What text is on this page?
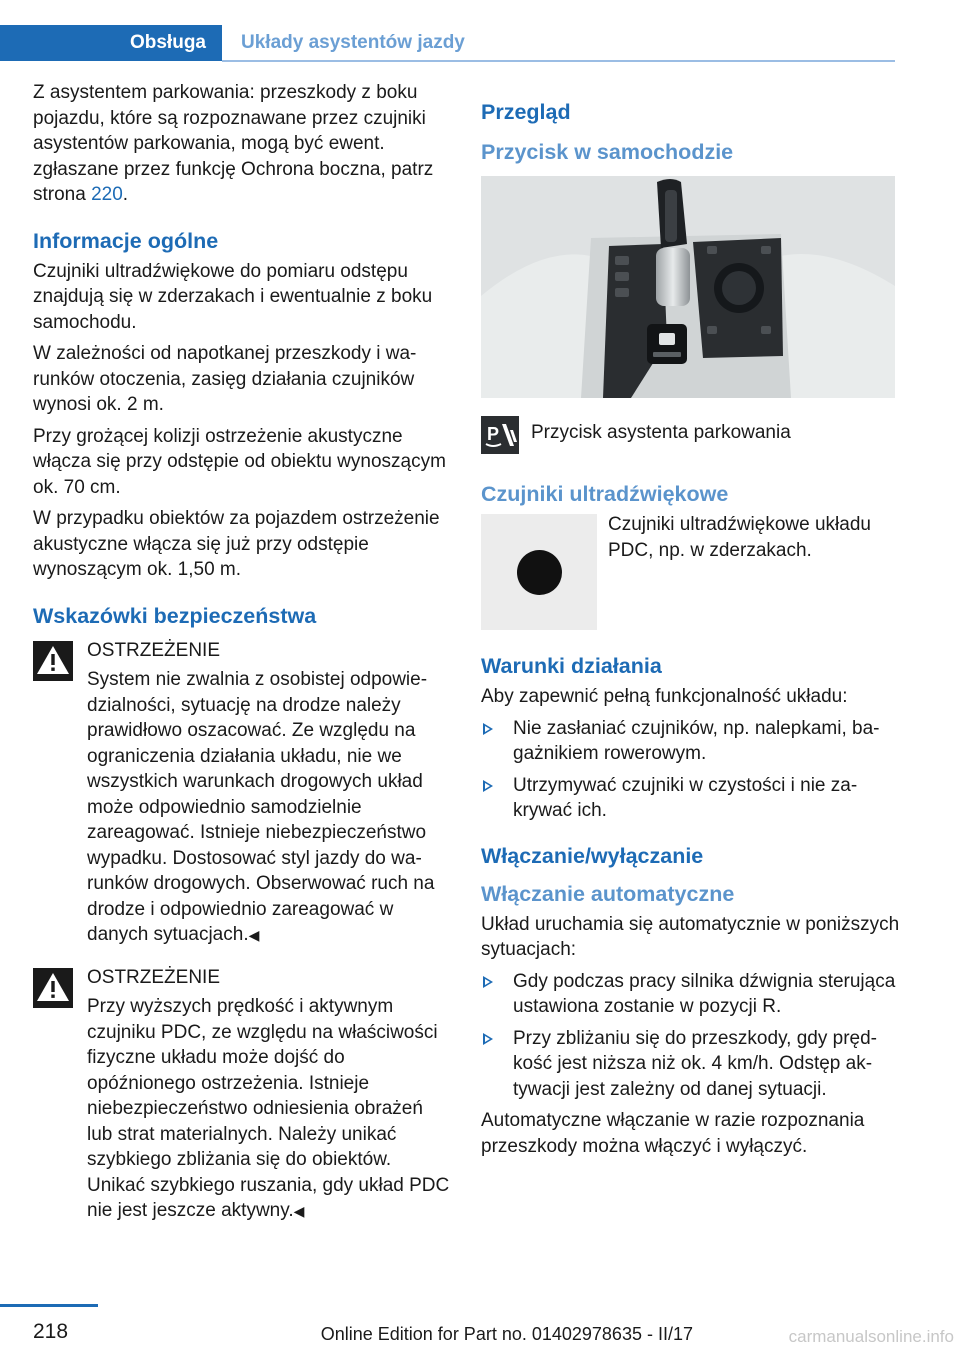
Obsługa	Układy asystentów jazdy

Z asystentem parkowania: przeszkody z boku pojazdu, które są rozpoznawane przez czujniki asystentów parkowania, mogą być ewent. zgłaszane przez funkcję Ochrona boczna, patrz strona 220.

Informacje ogólne

Czujniki ultradźwiękowe do pomiaru odstępu znajdują się w zderzakach i ewentualnie z boku samochodu.

W zależności od napotkanej przeszkody i warunków otoczenia, zasięg działania czujników wynosi ok. 2 m.

Przy grożącej kolizji ostrzeżenie akustyczne włącza się przy odstępie od obiektu wynoszącym ok. 70 cm.

W przypadku obiektów za pojazdem ostrzeżenie akustyczne włącza się już przy odstępie wynoszącym ok. 1,50 m.

Wskazówki bezpieczeństwa
OSTRZEŻENIE
System nie zwalnia z osobistej odpowiedzialności, sytuację na drodze należy prawidłowo oszacować. Ze względu na ograniczenia działania układu, nie we wszystkich warunkach drogowych układ może odpowiednio samodzielnie zareagować. Istnieje niebezpieczeństwo wypadku. Dostosować styl jazdy do warunków drogowych. Obserwować ruch na drodze i odpowiednio zareagować w danych sytuacjach.◀
OSTRZEŻENIE
Przy wyższych prędkość i aktywnym czujniku PDC, ze względu na właściwości fizyczne układu może dojść do opóźnionego ostrzeżenia. Istnieje niebezpieczeństwo odniesienia obrażeń lub strat materialnych. Należy unikać szybkiego zbliżania się do obiektów. Unikać szybkiego ruszania, gdy układ PDC nie jest jeszcze aktywny.◀
Przegląd
Przycisk w samochodzie
P Przycisk asystenta parkowania
Czujniki ultradźwiękowe
Czujniki ultradźwiękowe układu PDC, np. w zderzakach.
Warunki działania

Aby zapewnić pełną funkcjonalność układu:

Nie zasłaniać czujników, np. nalepkami, bagażnikiem rowerowym.
Utrzymywać czujniki w czystości i nie zakrywać ich.
Włączanie/wyłączanie
Włączanie automatyczne

Układ uruchamia się automatycznie w poniższych sytuacjach:

Gdy podczas pracy silnika dźwignia sterująca ustawiona zostanie w pozycji R.
Przy zbliżaniu się do przeszkody, gdy prędkość jest niższa niż ok. 4 km/h. Odstęp aktywacji jest zależny od danej sytuacji.

Automatyczne włączanie w razie rozpoznania przeszkody można włączyć i wyłączyć.

218	Online Edition for Part no. 01402978635 - II/17	carmanualsonline.info
